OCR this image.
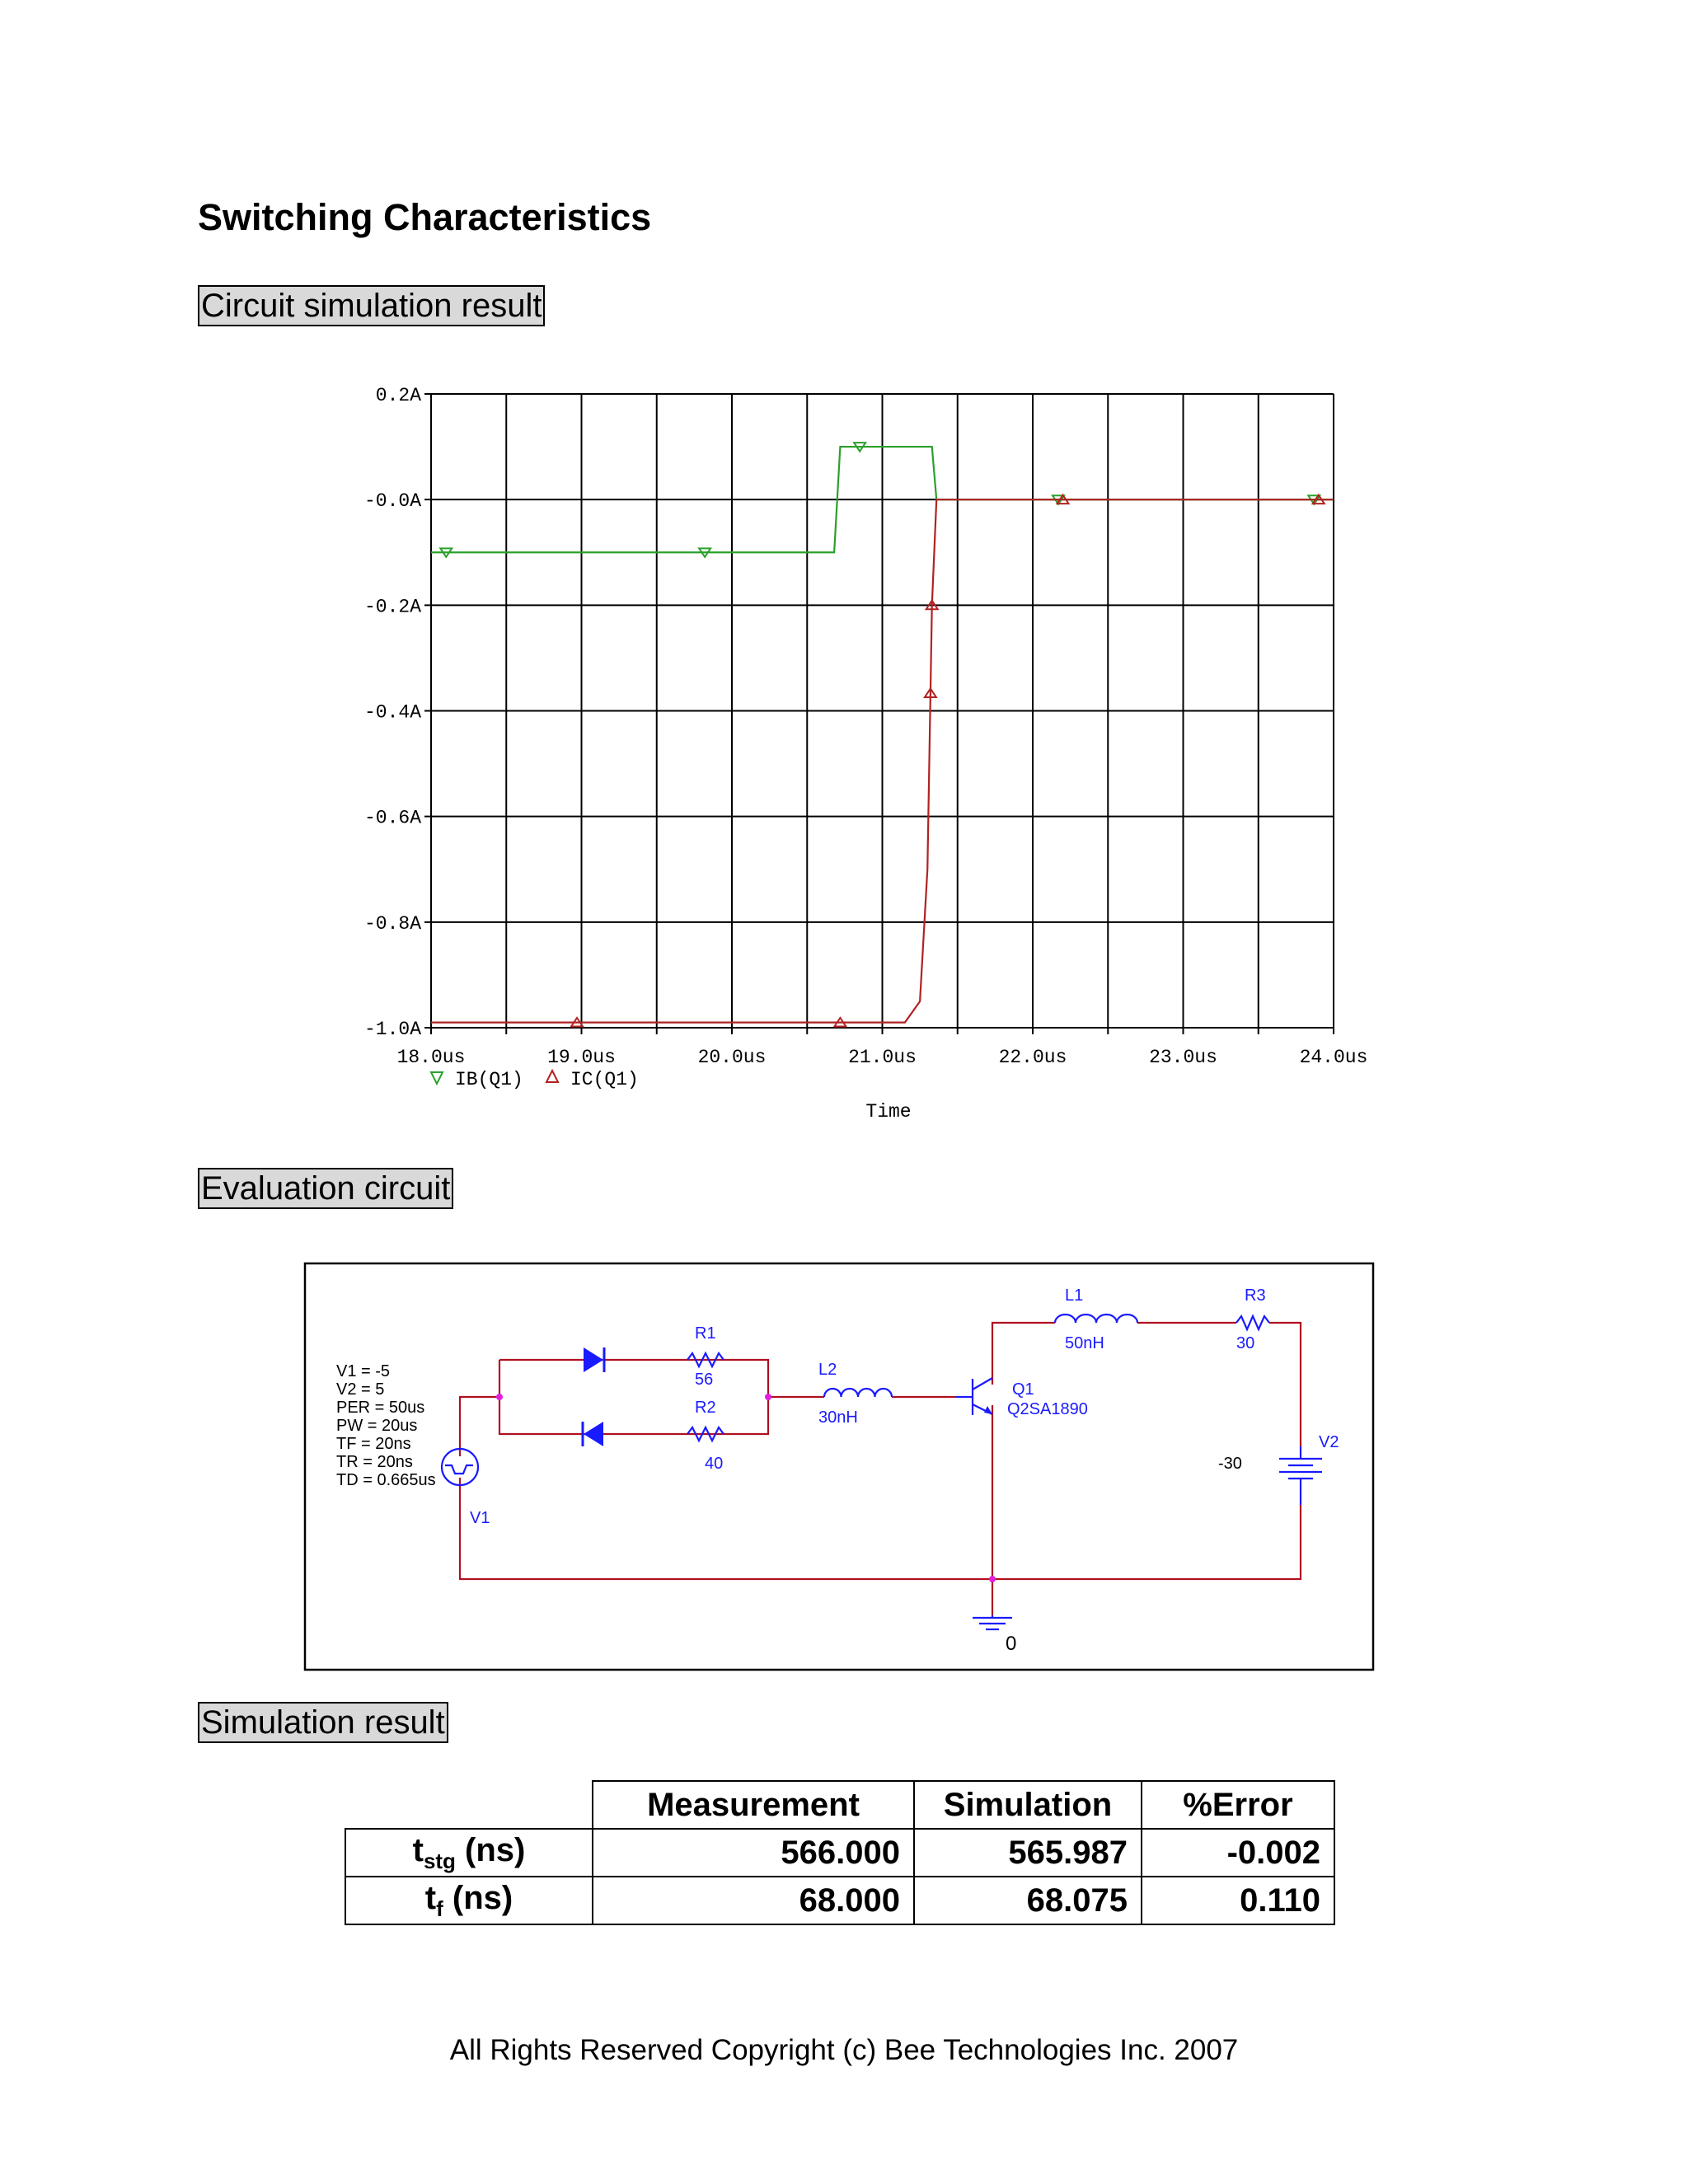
Switching Characteristics
Circuit simulation result
0.2A
-0.0A
-0.2A
-0.4A
-0.6A
-0.8A
-1.0A
18.0us	19.0us	20.0us	21.0us	22.0us	23.0us	24.0us
IB(Q1) IC(Q1)
Time
Evaluation circuit
V1 = -5
V2 = 5
PER = 50us
PW = 20us
TF = 20ns
TR = 20ns
TD = 0.665us
V1
R1
56
R2
40
L2
30nH
L1
50nH
R3
30
Q1
Q2SA1890
V2
-30
0
Simulation result
	Measurement	Simulation	%Error
$t_{stg}$ (ns)	566.000	565.987	-0.002
$t_f$ (ns)	68.000	68.075	0.110
All Rights Reserved Copyright (c) Bee Technologies Inc. 2007
